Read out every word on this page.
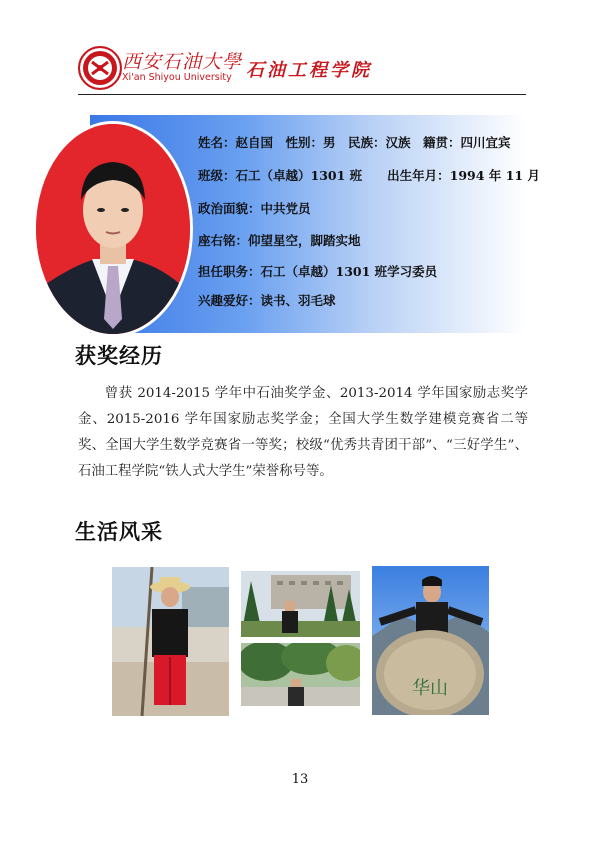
西安石油大學
Xi'an Shiyou University 石油工程学院
姓名：赵自国　性别：男　民族：汉族　籍贯：四川宜宾
班级：石工（卓越）1301 班　　出生年月：1994 年 11 月
政治面貌：中共党员
座右铭：仰望星空，脚踏实地
担任职务：石工（卓越）1301 班学习委员
兴趣爱好：读书、羽毛球
获奖经历
曾获 2014-2015 学年中石油奖学金、2013-2014 学年国家励志奖学金、2015-2016 学年国家励志奖学金；全国大学生数学建模竞赛省二等奖、全国大学生数学竞赛省一等奖；校级“优秀共青团干部”、“三好学生”、石油工程学院“铁人式大学生”荣誉称号等。
生活风采
华山
13
